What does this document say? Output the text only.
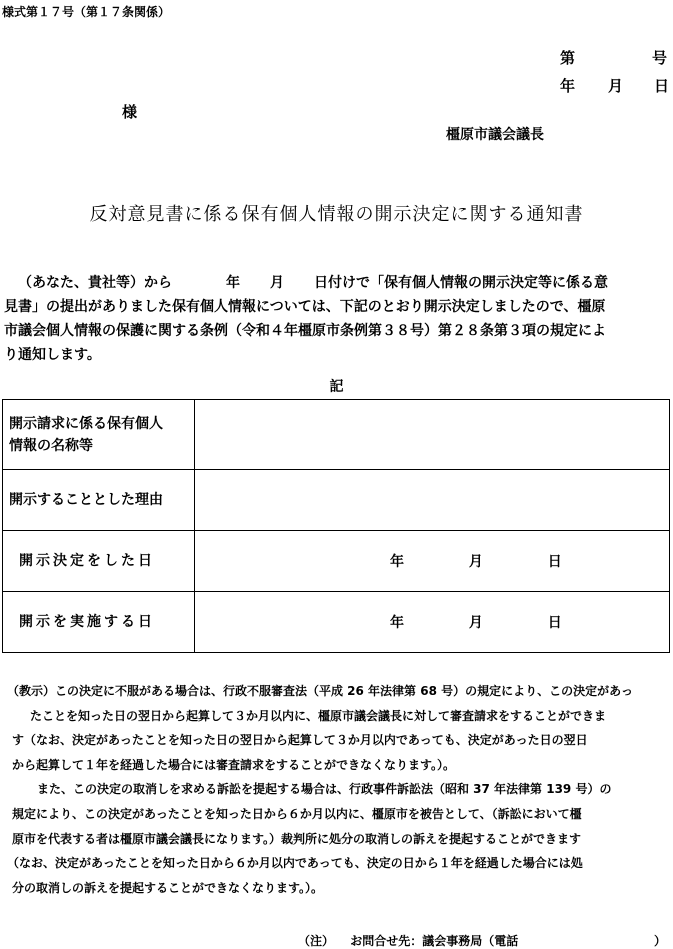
様式第１７号（第１７条関係）
第	号
年 月 日
様
橿原市議会議長
反対意見書に係る保有個人情報の開示決定に関する通知書
（あなた、貴社等）から	年 月 日付けで「保有個人情報の開示決定等に係る意
見書」の提出がありました保有個人情報については、下記のとおり開示決定しましたので、橿原
市議会個人情報の保護に関する条例（令和４年橿原市条例第３８号）第２８条第３項の規定によ
り通知します。
記
開示請求に係る保有個人
情報の名称等	

開示することとした理由	
開示決定をした日	年 月 日

開示を実施する日	年 月 日
（教示）この決定に不服がある場合は、行政不服審査法（平成 26 年法律第 68 号）の規定により、この決定があっ
たことを知った日の翌日から起算して３か月以内に、橿原市議会議長に対して審査請求をすることができま
す（なお、決定があったことを知った日の翌日から起算して３か月以内であっても、決定があった日の翌日
から起算して１年を経過した場合には審査請求をすることができなくなります。）。
また、この決定の取消しを求める訴訟を提起する場合は、行政事件訴訟法（昭和 37 年法律第 139 号）の
規定により、この決定があったことを知った日から６か月以内に、橿原市を被告として、（訴訟において橿
原市を代表する者は橿原市議会議長になります。）裁判所に処分の取消しの訴えを提起することができます
（なお、決定があったことを知った日から６か月以内であっても、決定の日から１年を経過した場合には処
分の取消しの訴えを提起することができなくなります。）。
（注） お問合せ先：議会事務局（電話	）
